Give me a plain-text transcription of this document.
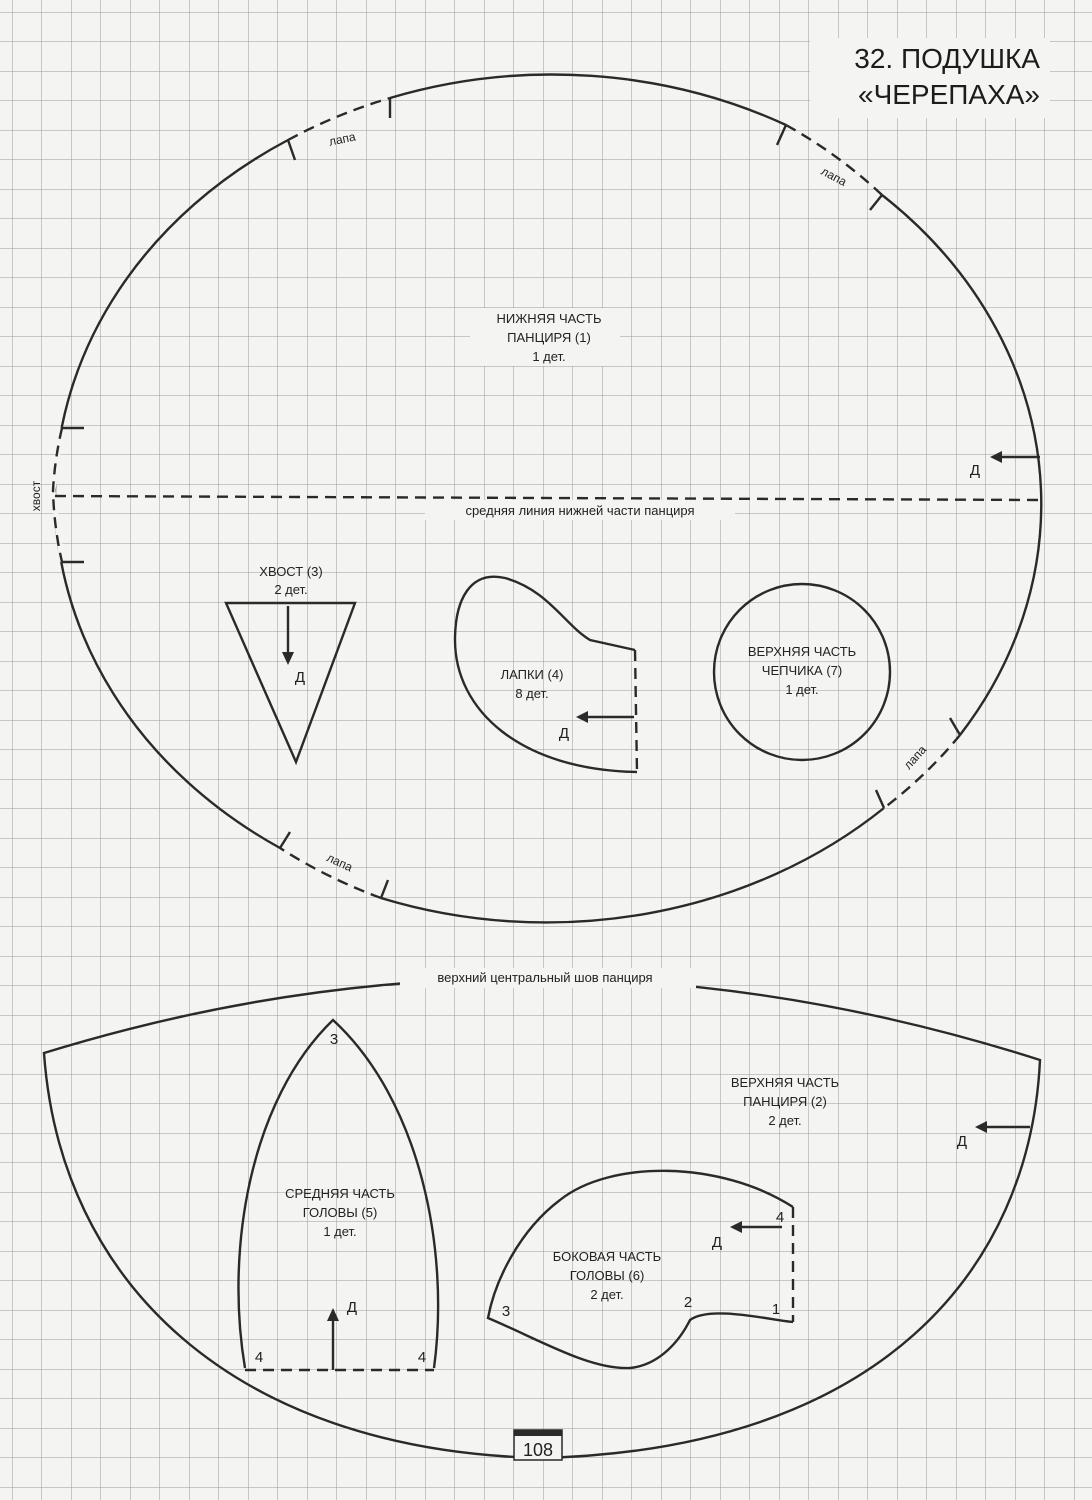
32. ПОДУШКА
«ЧЕРЕПАХА»
лапа
лапа
лапа
лапа
хвост	средняя линия нижней части панциря
НИЖНЯЯ ЧАСТЬ
ПАНЦИРЯ (1)
1 дет.
Д
ХВОСТ (3)
2 дет.
Д	ЛАПКИ (4)
8 дет.
Д
ВЕРХНЯЯ ЧАСТЬ
ЧЕПЧИКА (7)
1 дет.
верхний центральный шов панциря
ВЕРХНЯЯ ЧАСТЬ
ПАНЦИРЯ (2)
2 дет.
Д
3
4	4
СРЕДНЯЯ ЧАСТЬ
ГОЛОВЫ (5)
1 дет.
Д
4
1
2
3
БОКОВАЯ ЧАСТЬ
ГОЛОВЫ (6)
2 дет.
Д
108
